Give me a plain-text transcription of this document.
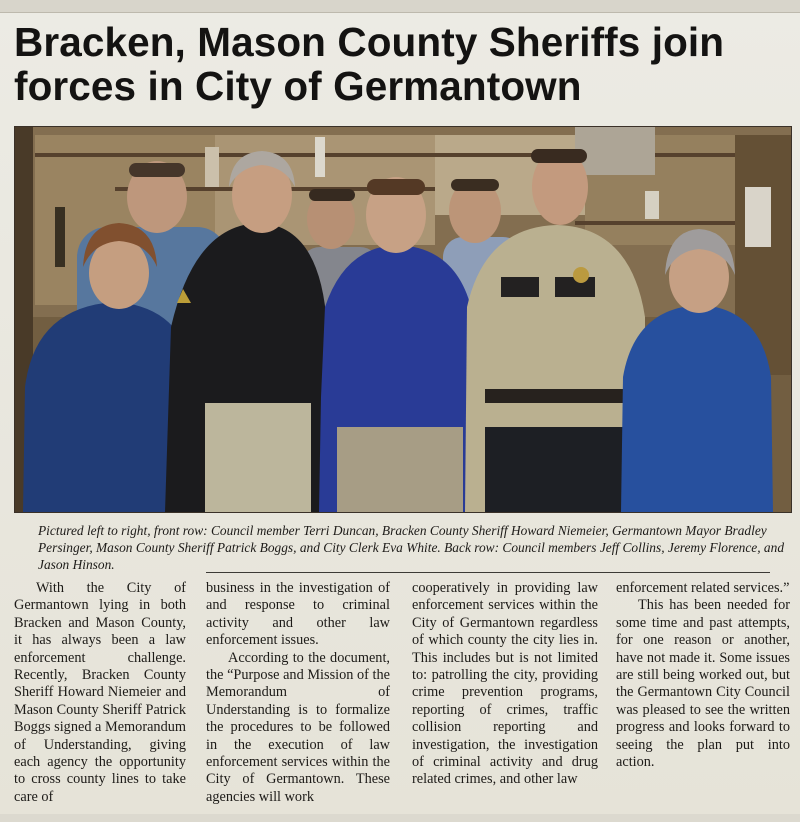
Bracken, Mason County Sheriffs join forces in City of Germantown

Pictured left to right, front row: Council member Terri Duncan, Bracken County Sheriff Howard Niemeier, Germantown Mayor Bradley Persinger, Mason County Sheriff Patrick Boggs, and City Clerk Eva White. Back row: Council members Jeff Collins, Jeremy Florence, and Jason Hinson.

With the City of Germantown lying in both Bracken and Mason County, it has always been a law enforcement challenge. Recently, Bracken County Sheriff Howard Niemeier and Mason County Sheriff Patrick Boggs signed a Memorandum of Understanding, giving each agency the opportunity to cross county lines to take care of

business in the investigation of and response to criminal activity and other law enforcement issues.

According to the document, the “Purpose and Mission of the Memorandum of Understanding is to formalize the procedures to be followed in the execution of law enforcement services within the City of Germantown. These agencies will work

cooperatively in providing law enforcement services within the City of Germantown regardless of which county the city lies in. This includes but is not limited to: patrolling the city, providing crime prevention programs, reporting of crimes, traffic collision reporting and investigation, the investigation of criminal activity and drug related crimes, and other law

enforcement related services.”

This has been needed for some time and past attempts, for one reason or another, have not made it. Some issues are still being worked out, but the Germantown City Council was pleased to see the written progress and looks forward to seeing the plan put into action.
